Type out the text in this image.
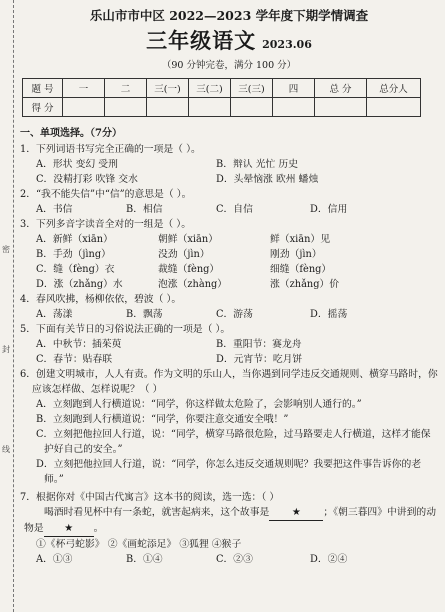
密
封
线
乐山市市中区 2022—2023 学年度下期学情调查
三年级语文 2023.06
（90 分钟完卷，满分 100 分）
题 号	一	二	三(一)	三(二)	三(三)	四	总 分	总分人
得 分								
一、单项选择。（7分）
1．下列词语书写完全正确的一项是（ ）。
A．形状 变幻 受刑	B．辩认 光忙 历史
C．没精打彩 吹锋 交水	D．头晕恼涨 欧州 蟠烛
2．“我不能失信”中“信”的意思是（ ）。
A．书信	B．相信	C．自信	D．信用
3．下列多音字读音全对的一组是（ ）。
A．新鲜（xiān）	朝鲜（xiān）	鲜（xiān）见
B．手劲（jìng）	没劲（jìn）	刚劲（jìn）
C．缝（fèng）衣	裁缝（fèng）	细缝（fèng）
D．涨（zhǎng）水	泡涨（zhàng）	涨（zhǎng）价
4．春风吹拂，杨柳依依，碧波（ ）。
A．荡漾	B．飘荡	C．游荡	D．摇荡
5．下面有关节日的习俗说法正确的一项是（ ）。
A．中秋节：插茱萸	B．重阳节：赛龙舟
C．春节：贴春联	D．元宵节：吃月饼
6．创建文明城市，人人有责。作为文明的乐山人，当你遇到同学违反交通规则、横穿马路时，你应该怎样做、怎样说呢？（ ）
A．立刻跑到人行横道说：“同学，你这样做太危险了，会影响别人通行的。”
B．立刻跑到人行横道说：“同学，你要注意交通安全哦！”
C．立刻把他拉回人行道，说：“同学，横穿马路很危险，过马路要走人行横道，这样才能保护好自己的安全。”
D．立刻把他拉回人行道，说：“同学，你怎么违反交通规则呢？我要把这件事告诉你的老师。”
7．根据你对《中国古代寓言》这本书的阅读，选一选：（ ）
喝酒时看见杯中有一条蛇，就害起病来，这个故事是 ★ ；《朝三暮四》中讲到的动物是 ★ 。
①《杯弓蛇影》 ②《画蛇添足》 ③狐狸 ④猴子
A．①③	B．①④	C．②③	D．②④
